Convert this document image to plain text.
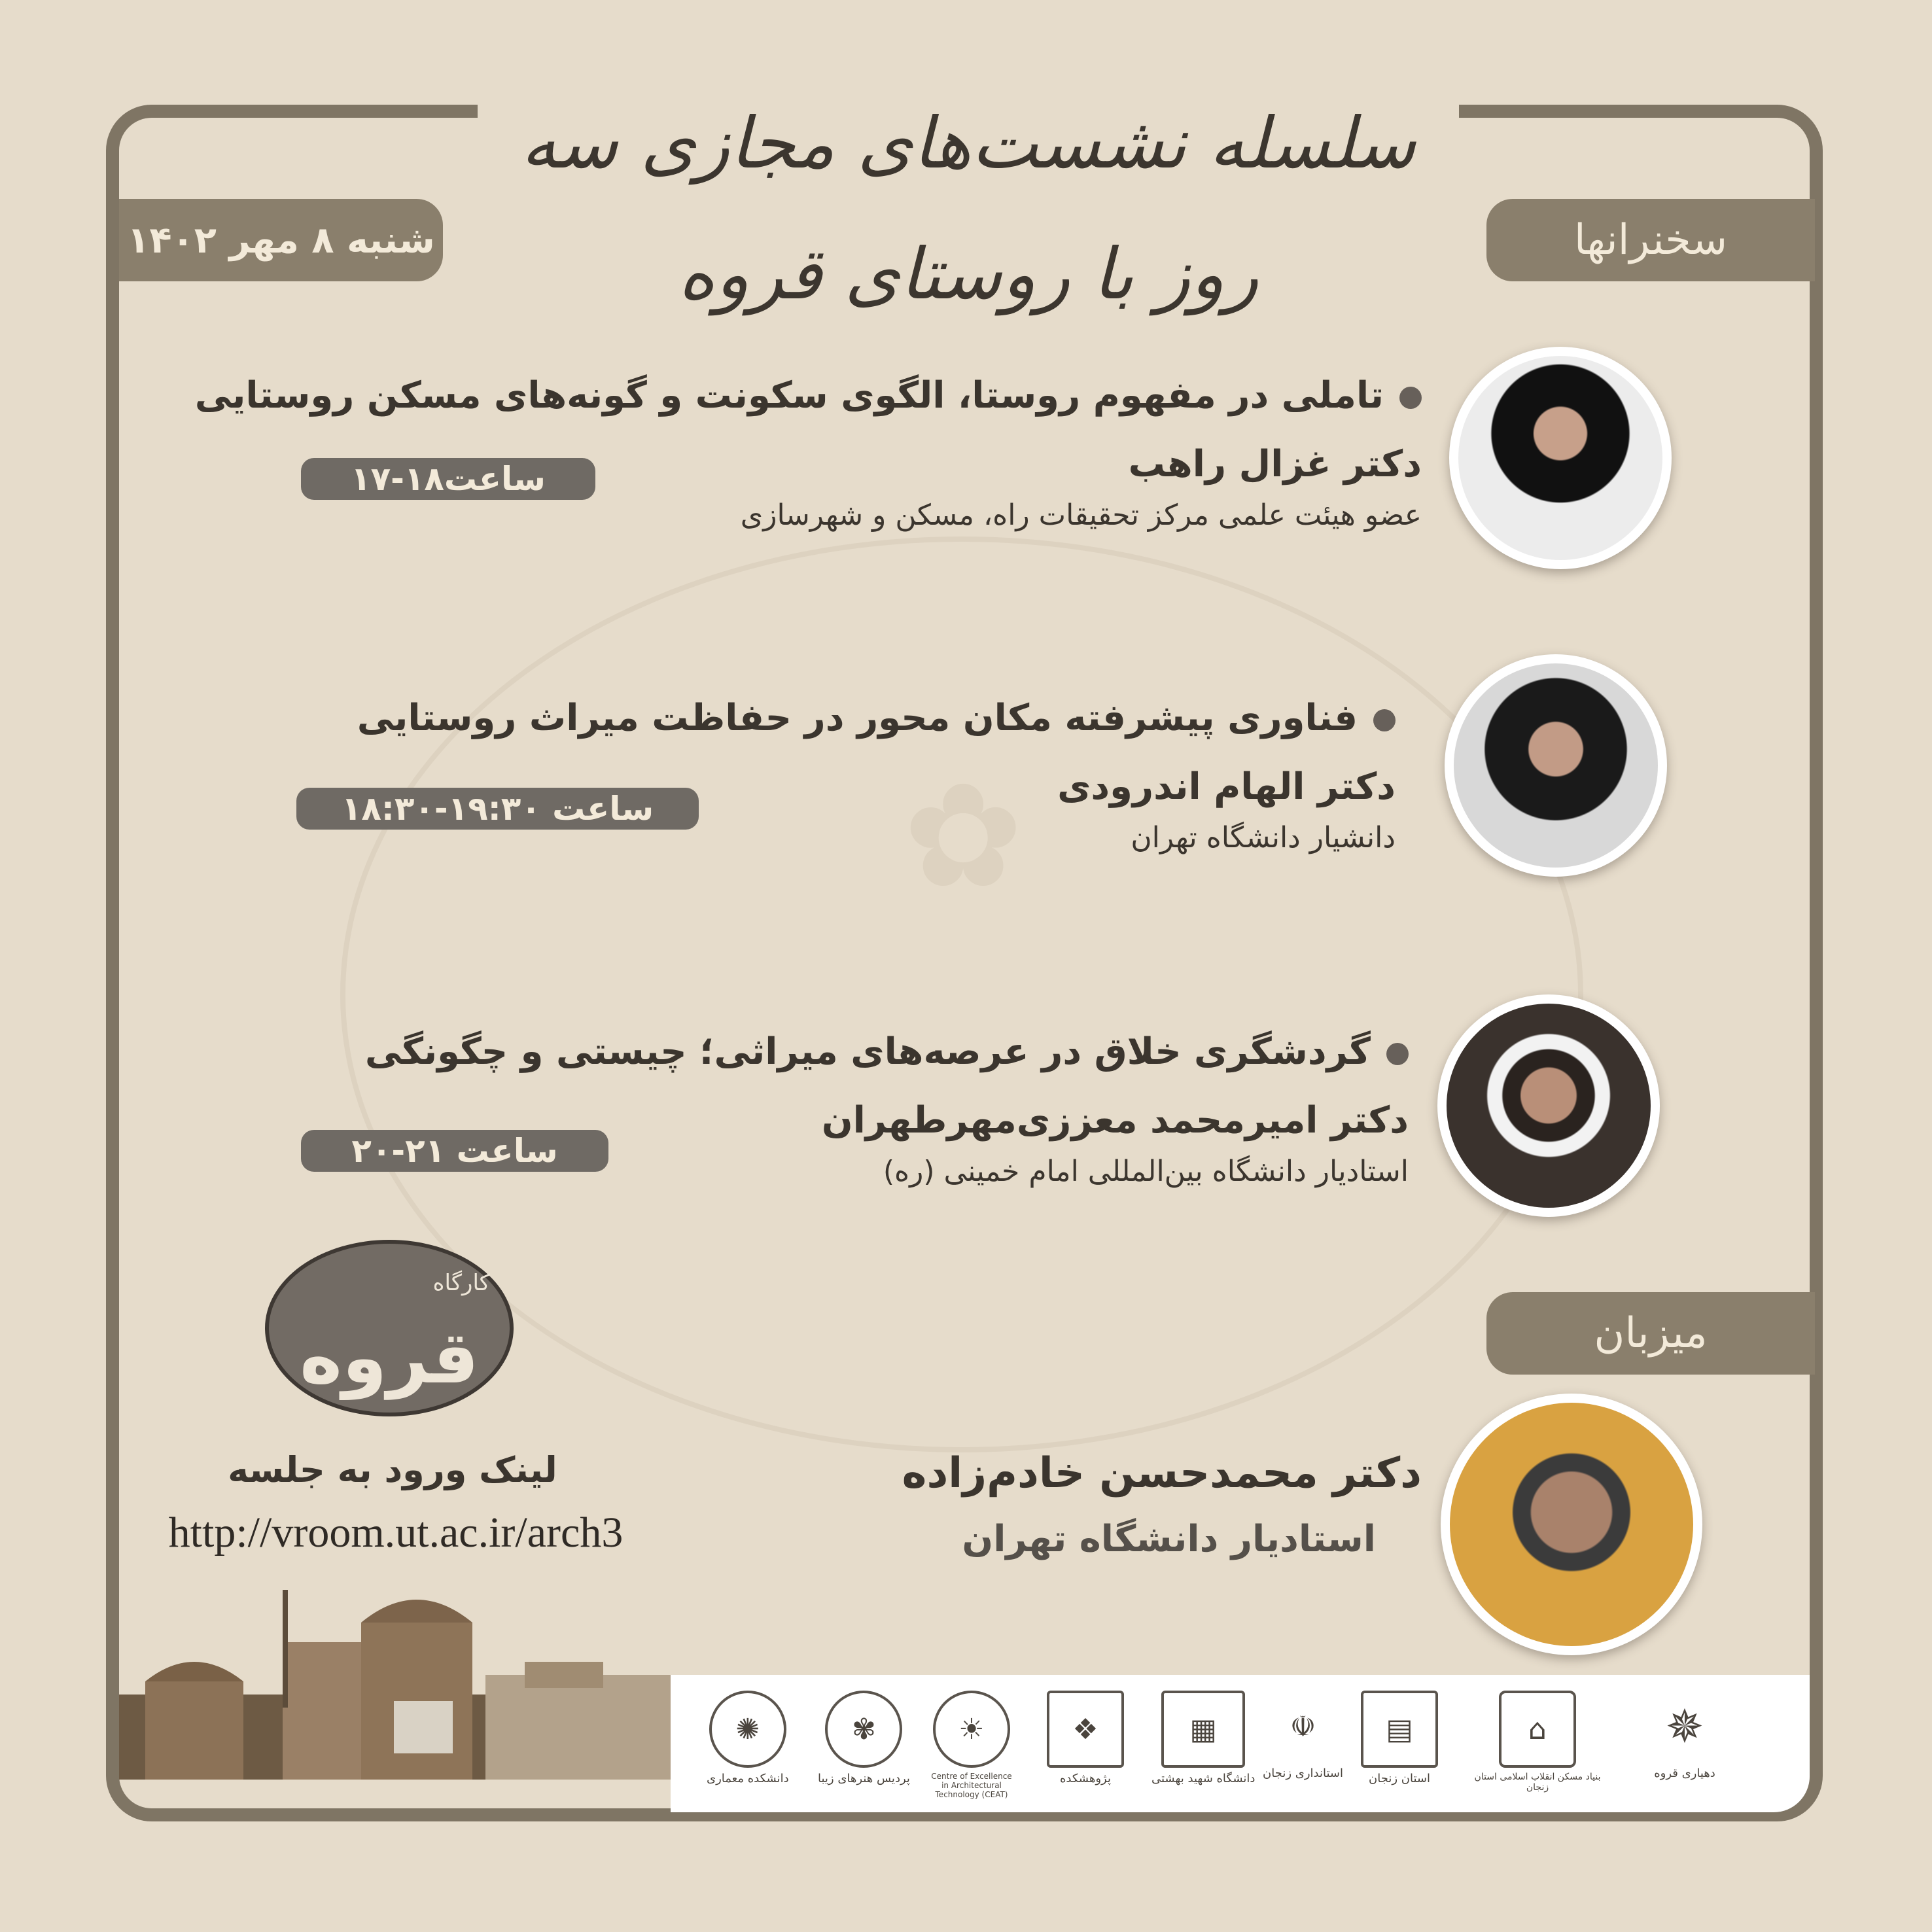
سلسله نشست‌های مجازی سه روز با روستای قروه
✿
شنبه ۸ مهر ۱۴۰۲	سخنرانها
تاملی در مفهوم روستا، الگوی سکونت و گونه‌های مسکن روستایی
دکتر غزال راهب
عضو هیئت علمی مرکز تحقیقات راه، مسکن و شهرسازی
ساعت۱۸-۱۷
فناوری پیشرفته مکان محور در حفاظت میراث روستایی
دکتر الهام اندرودی
دانشیار دانشگاه تهران
ساعت ۱۹:۳۰-۱۸:۳۰
گردشگری خلاق در عرصه‌های میراثی؛ چیستی و چگونگی
دکتر امیرمحمد معززی‌مهرطهران
استادیار دانشگاه بین‌المللی امام خمینی (ره)
ساعت ۲۱-۲۰
میزبان
دکتر محمدحسن خادم‌زاده
استادیار دانشگاه تهران
کارگاه
قروه
لینک ورود به جلسه
http://vroom.ut.ac.ir/arch3
✺
دانشکده معماری
✾
پردیس هنرهای زیبا
☀
Centre of Excellence in Architectural Technology (CEAT)
❖
پژوهشکده
▦
دانشگاه شهید بهشتی
☫
استانداری زنجان
▤
استان زنجان
⌂
بنیاد مسکن انقلاب اسلامی استان زنجان
✵
دهیاری قروه
